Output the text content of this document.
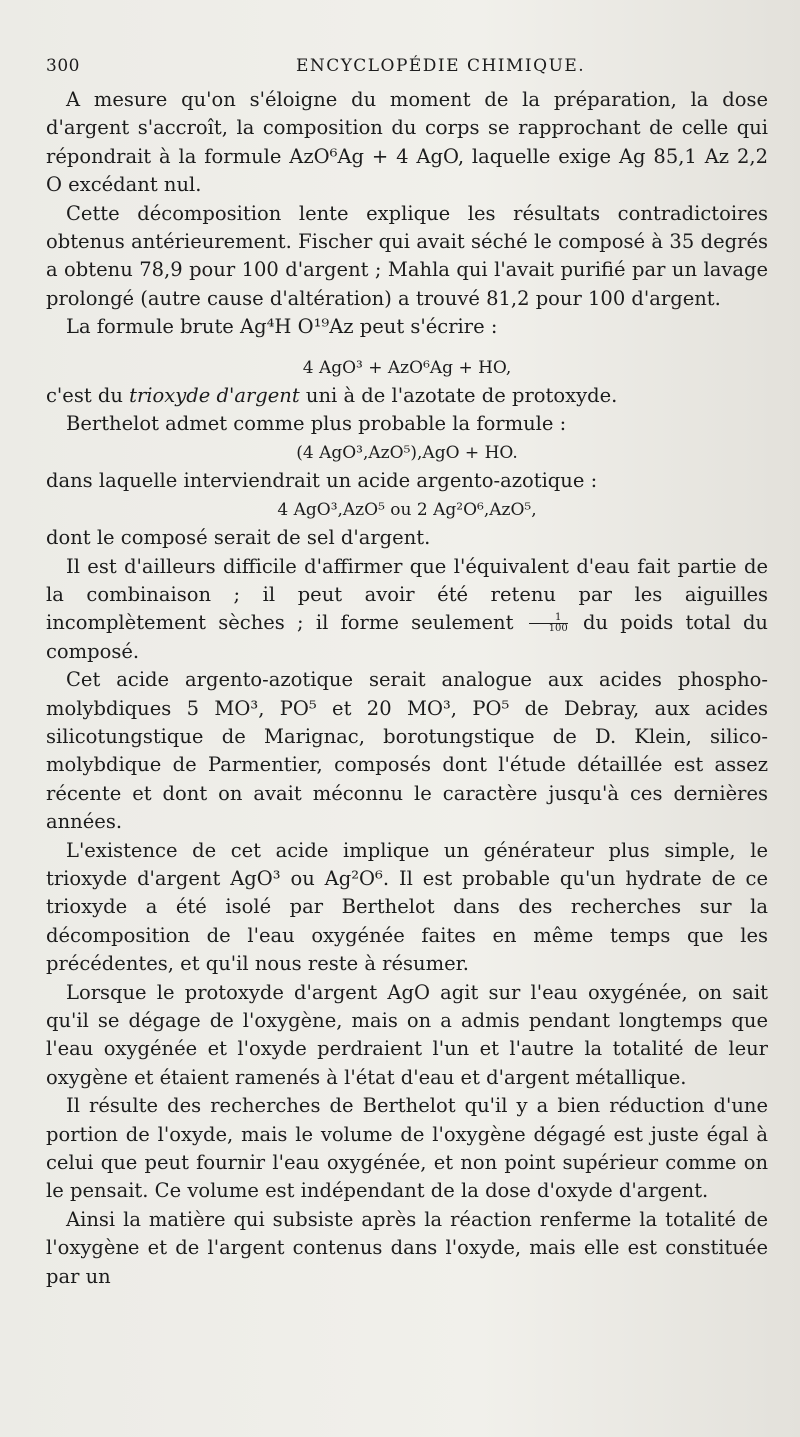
300	ENCYCLOPÉDIE CHIMIQUE.

A mesure qu'on s'éloigne du moment de la préparation, la dose d'argent s'accroît, la composition du corps se rapprochant de celle qui répondrait à la formule AzO⁶Ag + 4 AgO, laquelle exige Ag 85,1 Az 2,2 O excédant nul.

Cette décomposition lente explique les résultats contradictoires obtenus antérieurement. Fischer qui avait séché le composé à 35 degrés a obtenu 78,9 pour 100 d'argent ; Mahla qui l'avait purifié par un lavage prolongé (autre cause d'altération) a trouvé 81,2 pour 100 d'argent.

La formule brute Ag⁴H O¹⁹Az peut s'écrire :

4 AgO³ + AzO⁶Ag + HO,

c'est du trioxyde d'argent uni à de l'azotate de protoxyde.

Berthelot admet comme plus probable la formule :

(4 AgO³,AzO⁵),AgO + HO.

dans laquelle interviendrait un acide argento-azotique :

4 AgO³,AzO⁵ ou 2 Ag²O⁶,AzO⁵,

dont le composé serait de sel d'argent.

Il est d'ailleurs difficile d'affirmer que l'équivalent d'eau fait partie de la combinaison ; il peut avoir été retenu par les aiguilles incomplètement sèches ; il forme seulement $\frac{1}{100}$ du poids total du composé.

Cet acide argento-azotique serait analogue aux acides phospho-molybdiques 5 MO³, PO⁵ et 20 MO³, PO⁵ de Debray, aux acides silicotungstique de Marignac, borotungstique de D. Klein, silico-molybdique de Parmentier, composés dont l'étude détaillée est assez récente et dont on avait méconnu le caractère jusqu'à ces dernières années.

L'existence de cet acide implique un générateur plus simple, le trioxyde d'argent AgO³ ou Ag²O⁶. Il est probable qu'un hydrate de ce trioxyde a été isolé par Berthelot dans des recherches sur la décomposition de l'eau oxygénée faites en même temps que les précédentes, et qu'il nous reste à résumer.

Lorsque le protoxyde d'argent AgO agit sur l'eau oxygénée, on sait qu'il se dégage de l'oxygène, mais on a admis pendant longtemps que l'eau oxygénée et l'oxyde perdraient l'un et l'autre la totalité de leur oxygène et étaient ramenés à l'état d'eau et d'argent métallique.

Il résulte des recherches de Berthelot qu'il y a bien réduction d'une portion de l'oxyde, mais le volume de l'oxygène dégagé est juste égal à celui que peut fournir l'eau oxygénée, et non point supérieur comme on le pensait. Ce volume est indépendant de la dose d'oxyde d'argent.

Ainsi la matière qui subsiste après la réaction renferme la totalité de l'oxygène et de l'argent contenus dans l'oxyde, mais elle est constituée par un
